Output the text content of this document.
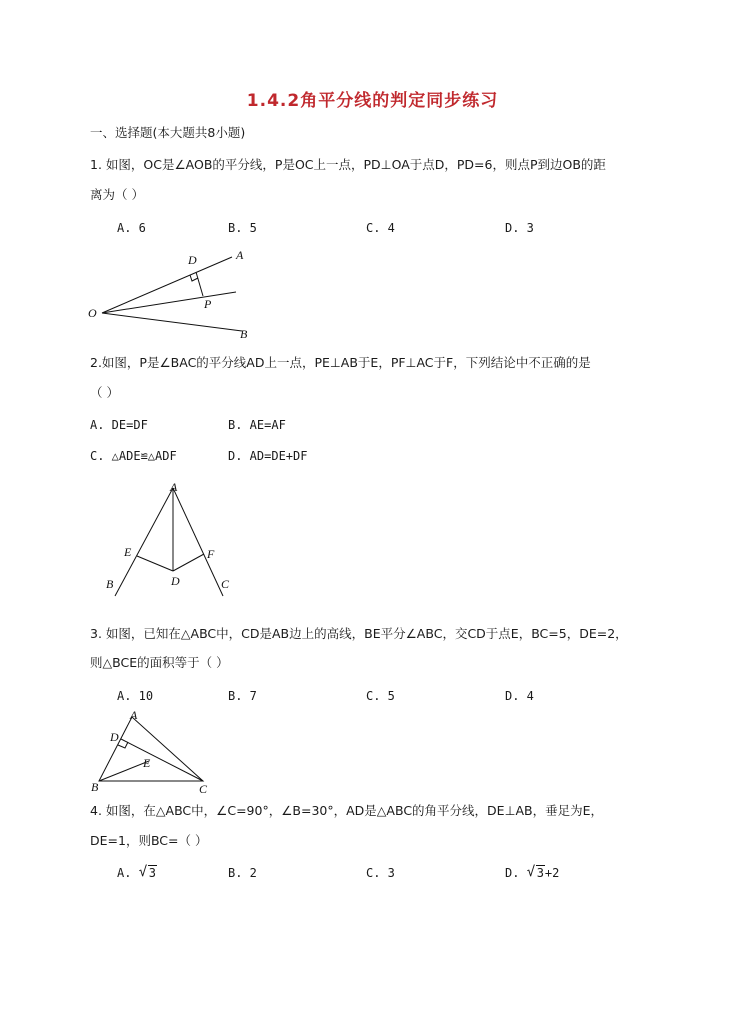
1.4.2角平分线的判定同步练习
一、选择题(本大题共8小题)
1. 如图，OC是∠AOB的平分线，P是OC上一点，PD⊥OA于点D，PD=6，则点P到边OB的距
离为（ ）
A. 6	B. 5	C. 4	D. 3
O
D	A
P
B
2.如图，P是∠BAC的平分线AD上一点，PE⊥AB于E，PF⊥AC于F，下列结论中不正确的是
（ ）
A. DE=DF	B. AE=AF
C. △ADE≌△ADF	D. AD=DE+DF
A
E	F
B	C
D
3. 如图，已知在△ABC中，CD是AB边上的高线，BE平分∠ABC，交CD于点E，BC=5，DE=2，
则△BCE的面积等于（ ）
A. 10	B. 7	C. 5	D. 4
A
D
E
B	C
4. 如图，在△ABC中，∠C=90°，∠B=30°，AD是△ABC的角平分线，DE⊥AB，垂足为E，
DE=1，则BC=（ ）
A. √ 3	B. 2	C. 3	D. √ 3+2
